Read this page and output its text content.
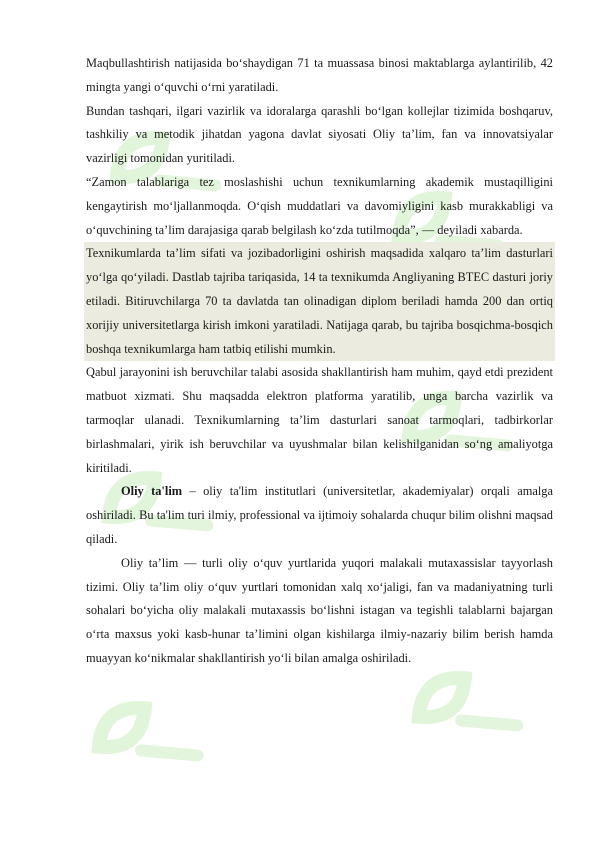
Maqbullashtirish natijasida bo‘shaydigan 71 ta muassasa binosi maktablarga aylantirilib, 42 mingta yangi o‘quvchi o‘rni yaratiladi.

Bundan tashqari, ilgari vazirlik va idoralarga qarashli bo‘lgan kollejlar tizimida boshqaruv, tashkiliy va metodik jihatdan yagona davlat siyosati Oliy ta’lim, fan va innovatsiyalar vazirligi tomonidan yuritiladi.

“Zamon talablariga tez moslashishi uchun texnikumlarning akademik mustaqilligini kengaytirish mo‘ljallanmoqda. O‘qish muddatlari va davomiyligini kasb murakkabligi va o‘quvchining ta’lim darajasiga qarab belgilash ko‘zda tutilmoqda”, — deyiladi xabarda.

Texnikumlarda ta’lim sifati va jozibadorligini oshirish maqsadida xalqaro ta’lim dasturlari yo‘lga qo‘yiladi. Dastlab tajriba tariqasida, 14 ta texnikumda Angliyaning BTEC dasturi joriy etiladi. Bitiruvchilarga 70 ta davlatda tan olinadigan diplom beriladi hamda 200 dan ortiq xorijiy universitetlarga kirish imkoni yaratiladi. Natijaga qarab, bu tajriba bosqichma-bosqich boshqa texnikumlarga ham tatbiq etilishi mumkin.

Qabul jarayonini ish beruvchilar talabi asosida shakllantirish ham muhim, qayd etdi prezident matbuot xizmati. Shu maqsadda elektron platforma yaratilib, unga barcha vazirlik va tarmoqlar ulanadi. Texnikumlarning ta’lim dasturlari sanoat tarmoqlari, tadbirkorlar birlashmalari, yirik ish beruvchilar va uyushmalar bilan kelishilganidan so‘ng amaliyotga kiritiladi.

Oliy ta'lim – oliy ta'lim institutlari (universitetlar, akademiyalar) orqali amalga oshiriladi. Bu ta'lim turi ilmiy, professional va ijtimoiy sohalarda chuqur bilim olishni maqsad qiladi.

Oliy ta’lim — turli oliy o‘quv yurtlarida yuqori malakali mutaxassislar tayyorlash tizimi. Oliy ta’lim oliy o‘quv yurtlari tomonidan xalq xo‘jaligi, fan va madaniyatning turli sohalari bo‘yicha oliy malakali mutaxassis bo‘lishni istagan va tegishli talablarni bajargan o‘rta maxsus yoki kasb-hunar ta’limini olgan kishilarga ilmiy-nazariy bilim berish hamda muayyan ko‘nikmalar shakllantirish yo‘li bilan amalga oshiriladi.
